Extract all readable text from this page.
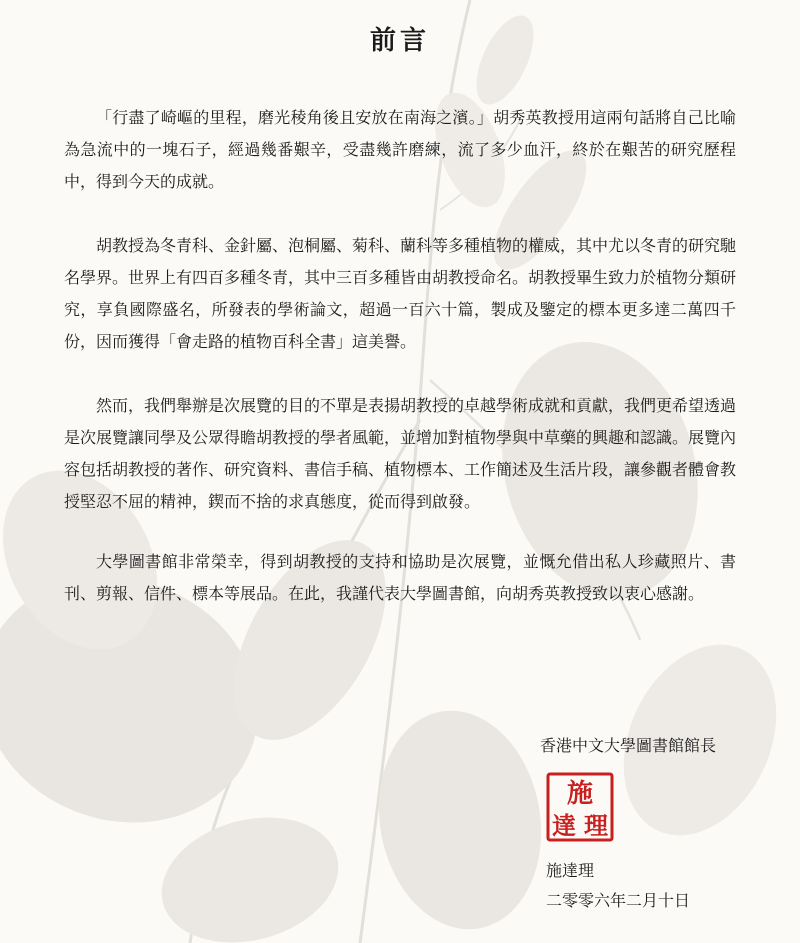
前言

「行盡了崎嶇的里程，磨光稜角後且安放在南海之濱。」胡秀英教授用這兩句話將自己比喻為急流中的一塊石子，經過幾番艱辛，受盡幾許磨練，流了多少血汗，終於在艱苦的研究歷程中，得到今天的成就。

胡教授為冬青科、金針屬、泡桐屬、菊科、蘭科等多種植物的權威，其中尤以冬青的研究馳名學界。世界上有四百多種冬青，其中三百多種皆由胡教授命名。胡教授畢生致力於植物分類研究，享負國際盛名，所發表的學術論文，超過一百六十篇，製成及鑒定的標本更多達二萬四千份，因而獲得「會走路的植物百科全書」這美譽。

然而，我們舉辦是次展覽的目的不單是表揚胡教授的卓越學術成就和貢獻，我們更希望透過是次展覽讓同學及公眾得瞻胡教授的學者風範，並增加對植物學與中草藥的興趣和認識。展覽內容包括胡教授的著作、研究資料、書信手稿、植物標本、工作簡述及生活片段，讓參觀者體會教授堅忍不屈的精神，鍥而不捨的求真態度，從而得到啟發。

大學圖書館非常榮幸，得到胡教授的支持和協助是次展覽，並慨允借出私人珍藏照片、書刊、剪報、信件、標本等展品。在此，我謹代表大學圖書館，向胡秀英教授致以衷心感謝。

香港中文大學圖書館館長

施
達 理

施達理

二零零六年二月十日
